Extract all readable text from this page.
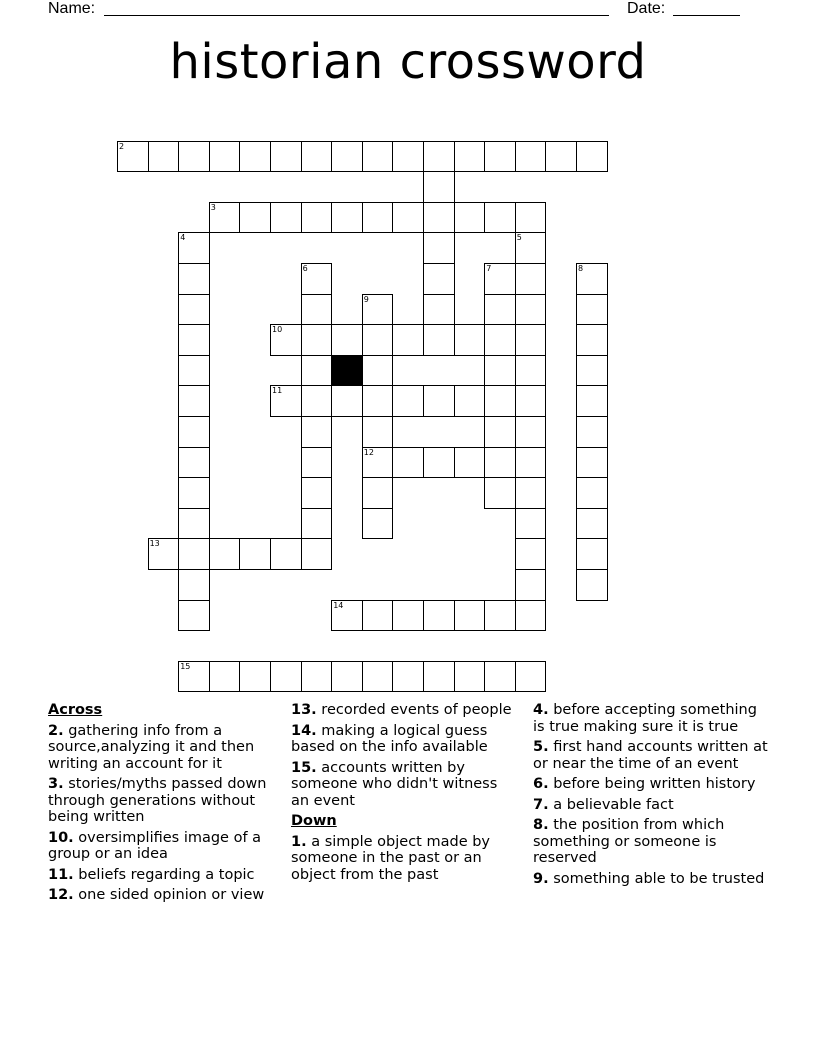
Name:	Date:
historian crossword
2
3
4	5
6	7	8
9
10
11
12
13
14
15
Across
2. gathering info from a source,analyzing it and then writing an account for it
3. stories/myths passed down through generations without being written
10. oversimplifies image of a group or an idea
11. beliefs regarding a topic
12. one sided opinion or view
13. recorded events of people
14. making a logical guess based on the info available
15. accounts written by someone who didn't witness an event
Down
1. a simple object made by someone in the past or an object from the past
4. before accepting something is true making sure it is true
5. first hand accounts written at or near the time of an event
6. before being written history
7. a believable fact
8. the position from which something or someone is reserved
9. something able to be trusted
